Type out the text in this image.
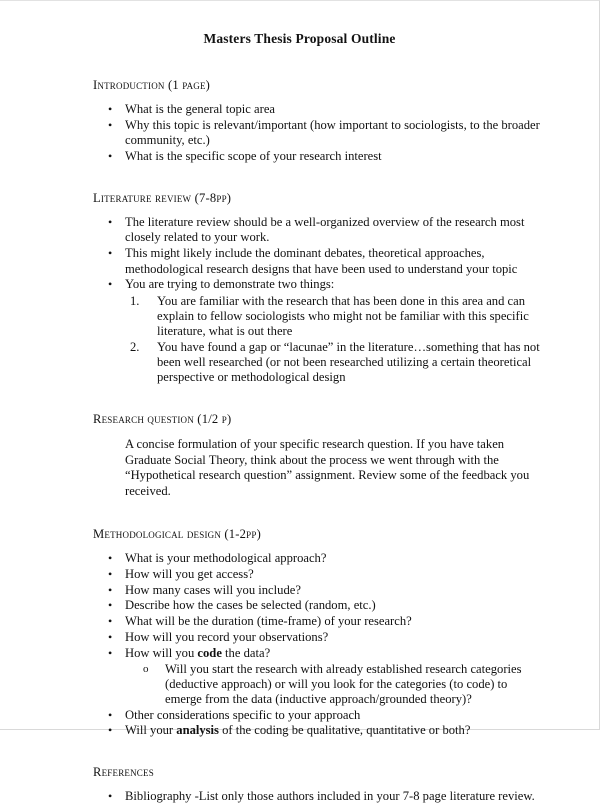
Masters Thesis Proposal Outline
Introduction (1 page)
• What is the general topic area
• Why this topic is relevant/important (how important to sociologists, to the broader community, etc.)
• What is the specific scope of your research interest
Literature review (7-8pp)
• The literature review should be a well-organized overview of the research most closely related to your work.
• This might likely include the dominant debates, theoretical approaches, methodological research designs that have been used to understand your topic
• You are trying to demonstrate two things:
1. You are familiar with the research that has been done in this area and can explain to fellow sociologists who might not be familiar with this specific literature, what is out there
2. You have found a gap or “lacunae” in the literature…something that has not been well researched (or not been researched utilizing a certain theoretical perspective or methodological design
Research question (1/2 p)
A concise formulation of your specific research question. If you have taken Graduate Social Theory, think about the process we went through with the “Hypothetical research question” assignment. Review some of the feedback you received.
Methodological design (1-2pp)
• What is your methodological approach?
• How will you get access?
• How many cases will you include?
• Describe how the cases be selected (random, etc.)
• What will be the duration (time-frame) of your research?
• How will you record your observations?
• How will you code the data?
o Will you start the research with already established research categories (deductive approach) or will you look for the categories (to code) to emerge from the data (inductive approach/grounded theory)?
• Other considerations specific to your approach
• Will your analysis of the coding be qualitative, quantitative or both?
References
• Bibliography -List only those authors included in your 7-8 page literature review.
